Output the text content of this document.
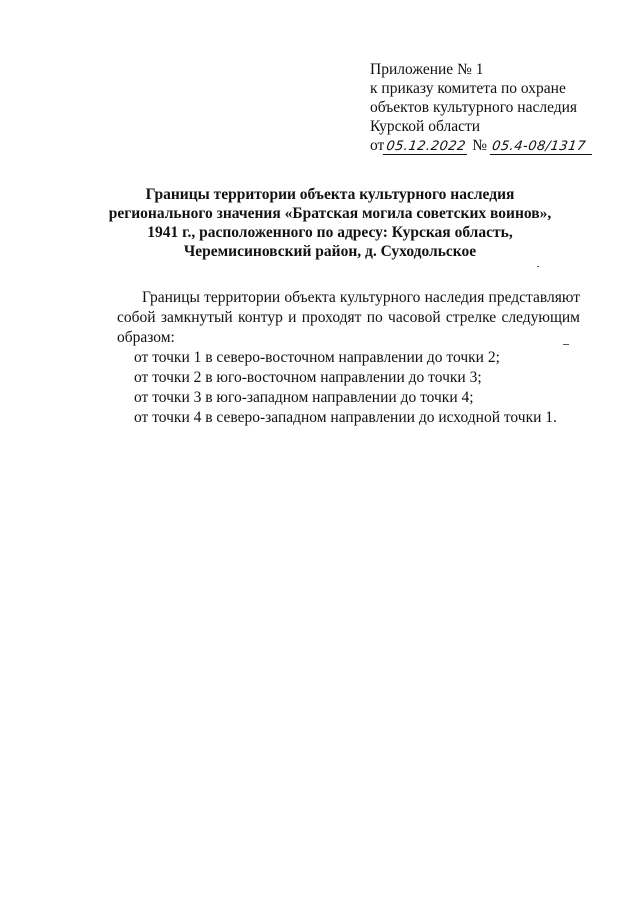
Приложение № 1
к приказу комитета по охране
объектов культурного наследия
Курской области
от05.12.2022 № 05.4-08/1317
Границы территории объекта культурного наследия
регионального значения «Братская могила советских воинов»,
1941 г., расположенного по адресу: Курская область,
Черемисиновский район, д. Суходольское

Границы территории объекта культурного наследия представляют собой замкнутый контур и проходят по часовой стрелке следующим образом:

от точки 1 в северо-восточном направлении до точки 2;
от точки 2 в юго-восточном направлении до точки 3;
от точки 3 в юго-западном направлении до точки 4;
от точки 4 в северо-западном направлении до исходной точки 1.
